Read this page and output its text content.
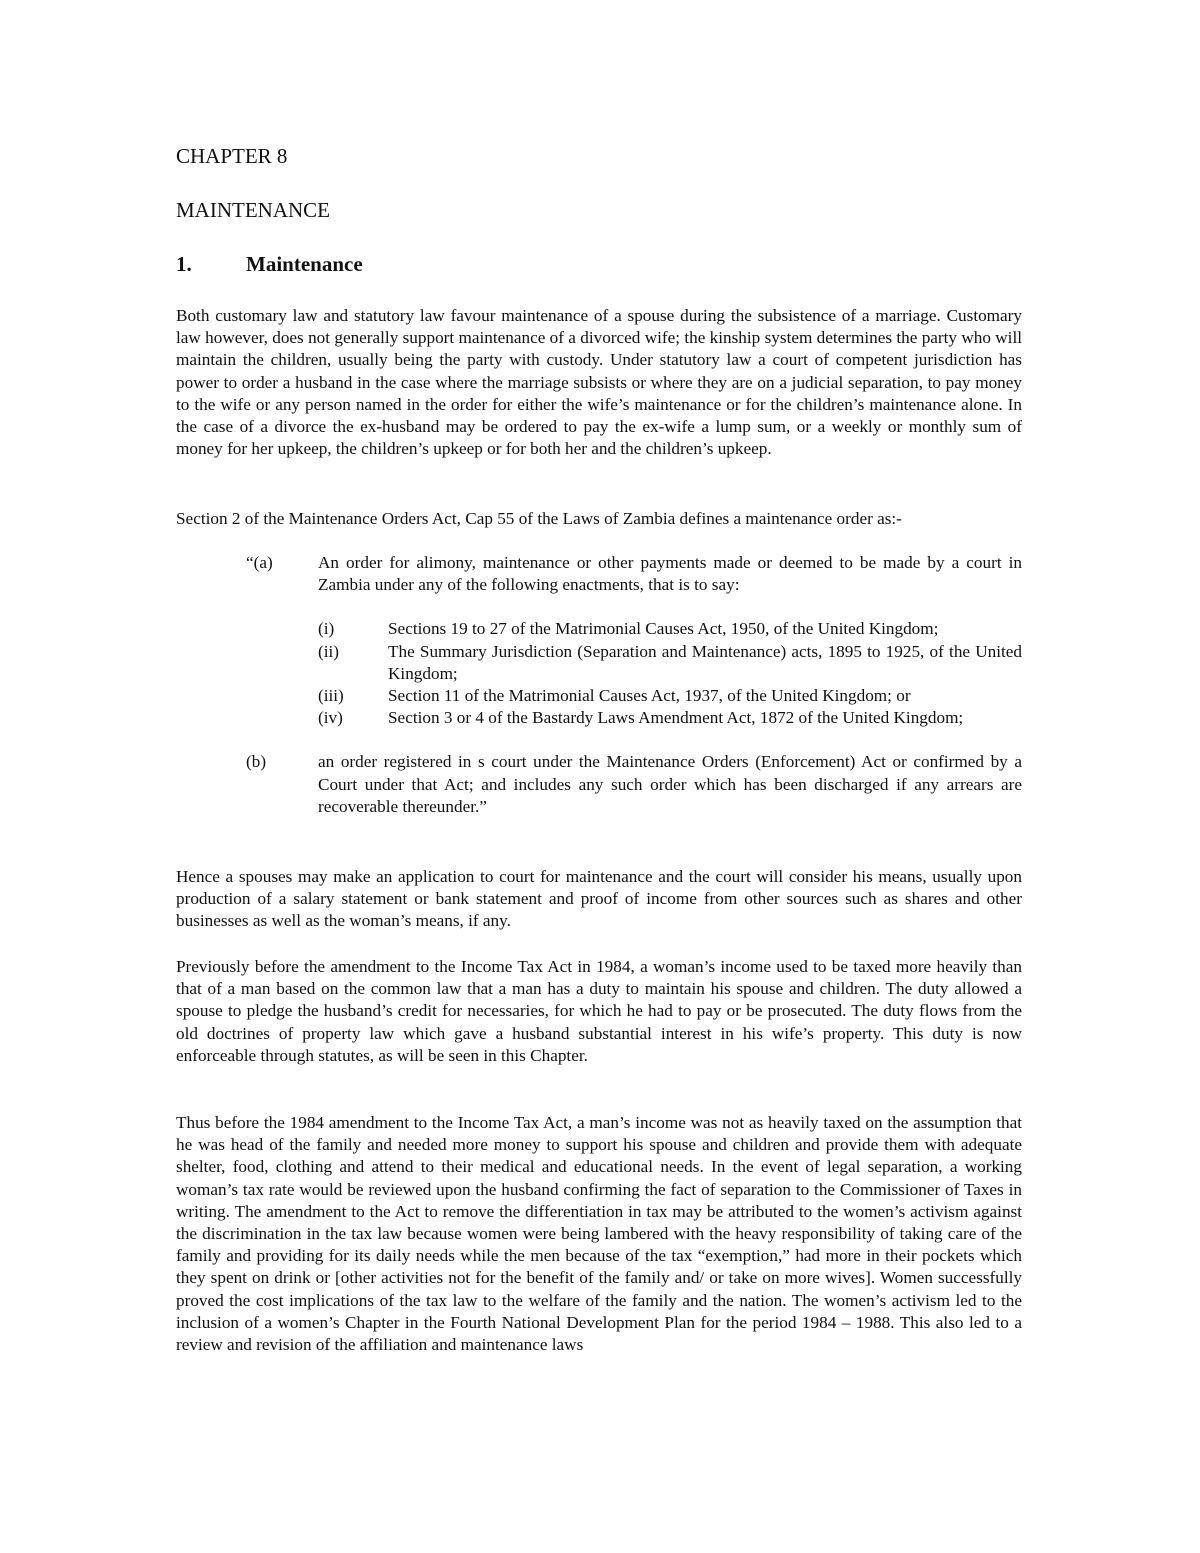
CHAPTER 8
MAINTENANCE
1.	Maintenance

Both customary law and statutory law favour maintenance of a spouse during the subsistence of a marriage. Customary law however, does not generally support maintenance of a divorced wife; the kinship system determines the party who will maintain the children, usually being the party with custody. Under statutory law a court of competent jurisdiction has power to order a husband in the case where the marriage subsists or where they are on a judicial separation, to pay money to the wife or any person named in the order for either the wife’s maintenance or for the children’s maintenance alone. In the case of a divorce the ex-husband may be ordered to pay the ex-wife a lump sum, or a weekly or monthly sum of money for her upkeep, the children’s upkeep or for both her and the children’s upkeep.

Section 2 of the Maintenance Orders Act, Cap 55 of the Laws of Zambia defines a maintenance order as:-

“(a)	An order for alimony, maintenance or other payments made or deemed to be made by a court in Zambia under any of the following enactments, that is to say:
(i)	Sections 19 to 27 of the Matrimonial Causes Act, 1950, of the United Kingdom;
(ii)	The Summary Jurisdiction (Separation and Maintenance) acts, 1895 to 1925, of the United Kingdom;
(iii)	Section 11 of the Matrimonial Causes Act, 1937, of the United Kingdom; or
(iv)	Section 3 or 4 of the Bastardy Laws Amendment Act, 1872 of the United Kingdom;
(b)	an order registered in s court under the Maintenance Orders (Enforcement) Act or confirmed by a Court under that Act; and includes any such order which has been discharged if any arrears are recoverable thereunder.”

Hence a spouses may make an application to court for maintenance and the court will consider his means, usually upon production of a salary statement or bank statement and proof of income from other sources such as shares and other businesses as well as the woman’s means, if any.

Previously before the amendment to the Income Tax Act in 1984, a woman’s income used to be taxed more heavily than that of a man based on the common law that a man has a duty to maintain his spouse and children. The duty allowed a spouse to pledge the husband’s credit for necessaries, for which he had to pay or be prosecuted. The duty flows from the old doctrines of property law which gave a husband substantial interest in his wife’s property. This duty is now enforceable through statutes, as will be seen in this Chapter.

Thus before the 1984 amendment to the Income Tax Act, a man’s income was not as heavily taxed on the assumption that he was head of the family and needed more money to support his spouse and children and provide them with adequate shelter, food, clothing and attend to their medical and educational needs. In the event of legal separation, a working woman’s tax rate would be reviewed upon the husband confirming the fact of separation to the Commissioner of Taxes in writing. The amendment to the Act to remove the differentiation in tax may be attributed to the women’s activism against the discrimination in the tax law because women were being lambered with the heavy responsibility of taking care of the family and providing for its daily needs while the men because of the tax “exemption,” had more in their pockets which they spent on drink or [other activities not for the benefit of the family and/ or take on more wives]. Women successfully proved the cost implications of the tax law to the welfare of the family and the nation. The women’s activism led to the inclusion of a women’s Chapter in the Fourth National Development Plan for the period 1984 – 1988. This also led to a review and revision of the affiliation and maintenance laws
